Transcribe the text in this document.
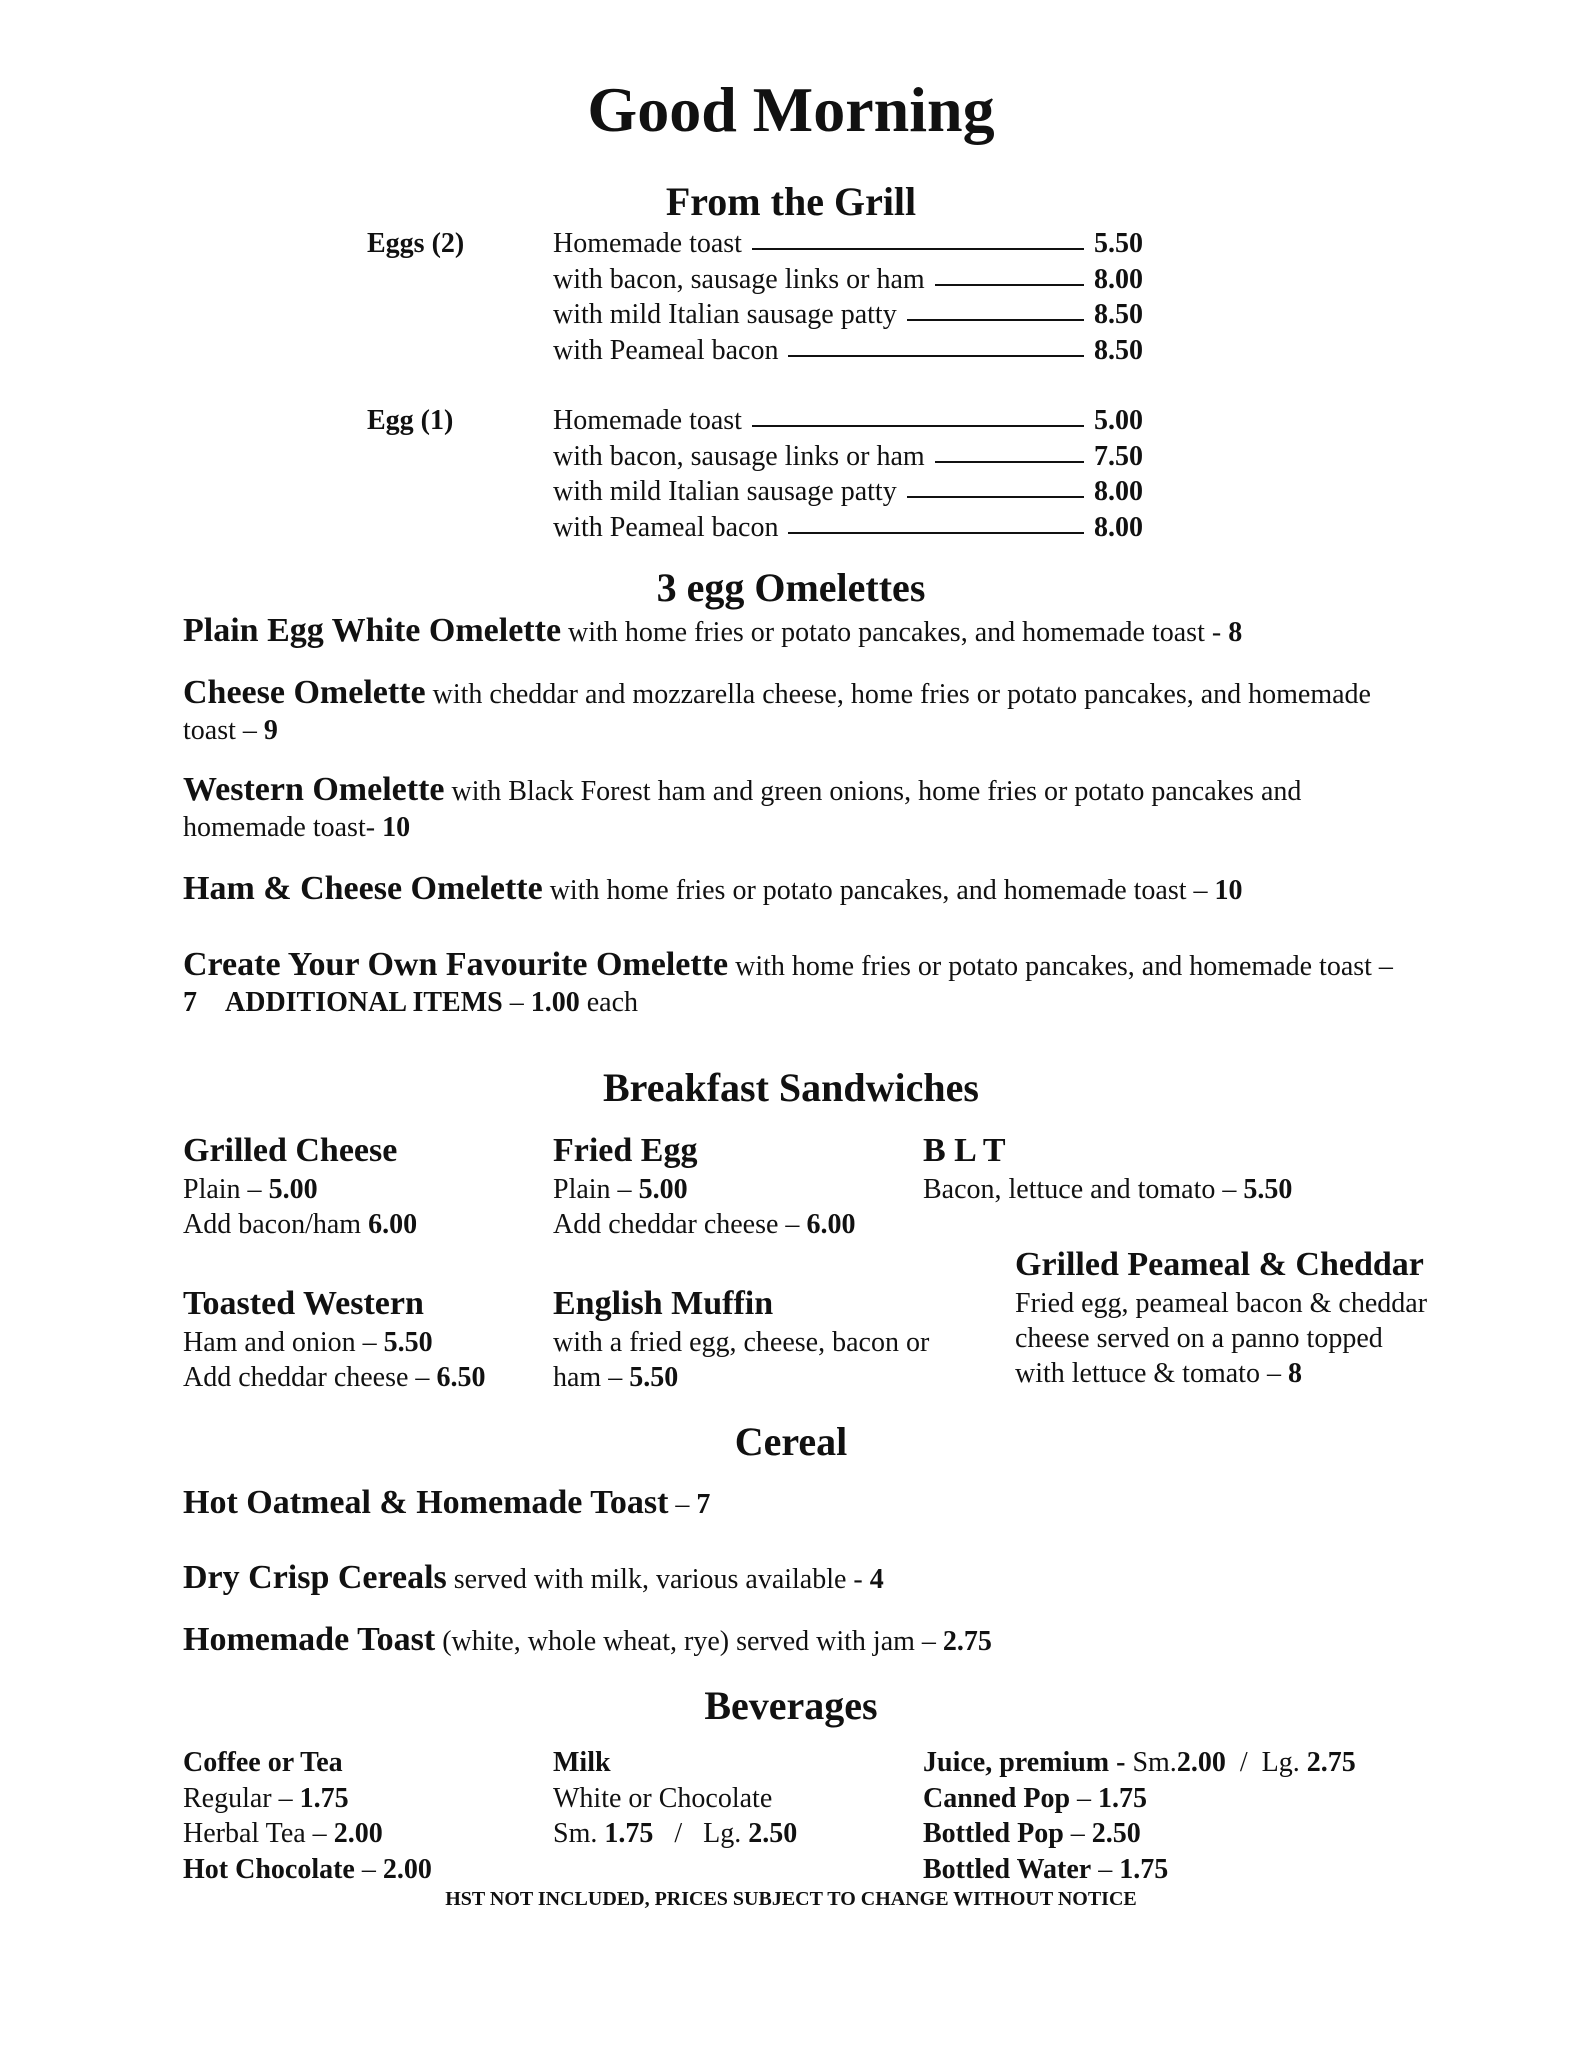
Good Morning
From the Grill
Eggs (2)	Homemade toast	5.50
with bacon, sausage links or ham	8.00
with mild Italian sausage patty	8.50
with Peameal bacon	8.50
Egg (1)	Homemade toast	5.00
with bacon, sausage links or ham	7.50
with mild Italian sausage patty	8.00
with Peameal bacon	8.00
3 egg Omelettes
Plain Egg White Omelette with home fries or potato pancakes, and homemade toast - 8
Cheese Omelette with cheddar and mozzarella cheese, home fries or potato pancakes, and homemade toast – 9
Western Omelette with Black Forest ham and green onions, home fries or potato pancakes and homemade toast- 10
Ham & Cheese Omelette with home fries or potato pancakes, and homemade toast – 10
Create Your Own Favourite Omelette with home fries or potato pancakes, and homemade toast – 7 ADDITIONAL ITEMS – 1.00 each
Breakfast Sandwiches
Grilled Cheese
Plain – 5.00
Add bacon/ham 6.00
Fried Egg
Plain – 5.00
Add cheddar cheese – 6.00
B L T
Bacon, lettuce and tomato – 5.50
Toasted Western
Ham and onion – 5.50
Add cheddar cheese – 6.50
English Muffin
with a fried egg, cheese, bacon or
ham – 5.50
Grilled Peameal & Cheddar
Fried egg, peameal bacon & cheddar
cheese served on a panno topped
with lettuce & tomato – 8
Cereal
Hot Oatmeal & Homemade Toast – 7
Dry Crisp Cereals served with milk, various available - 4
Homemade Toast (white, whole wheat, rye) served with jam – 2.75
Beverages
Coffee or Tea
Regular – 1.75
Herbal Tea – 2.00
Hot Chocolate – 2.00
Milk
White or Chocolate
Sm. 1.75   /   Lg. 2.50
Juice, premium - Sm.2.00  /  Lg. 2.75
Canned Pop – 1.75
Bottled Pop – 2.50
Bottled Water – 1.75
HST NOT INCLUDED, PRICES SUBJECT TO CHANGE WITHOUT NOTICE
